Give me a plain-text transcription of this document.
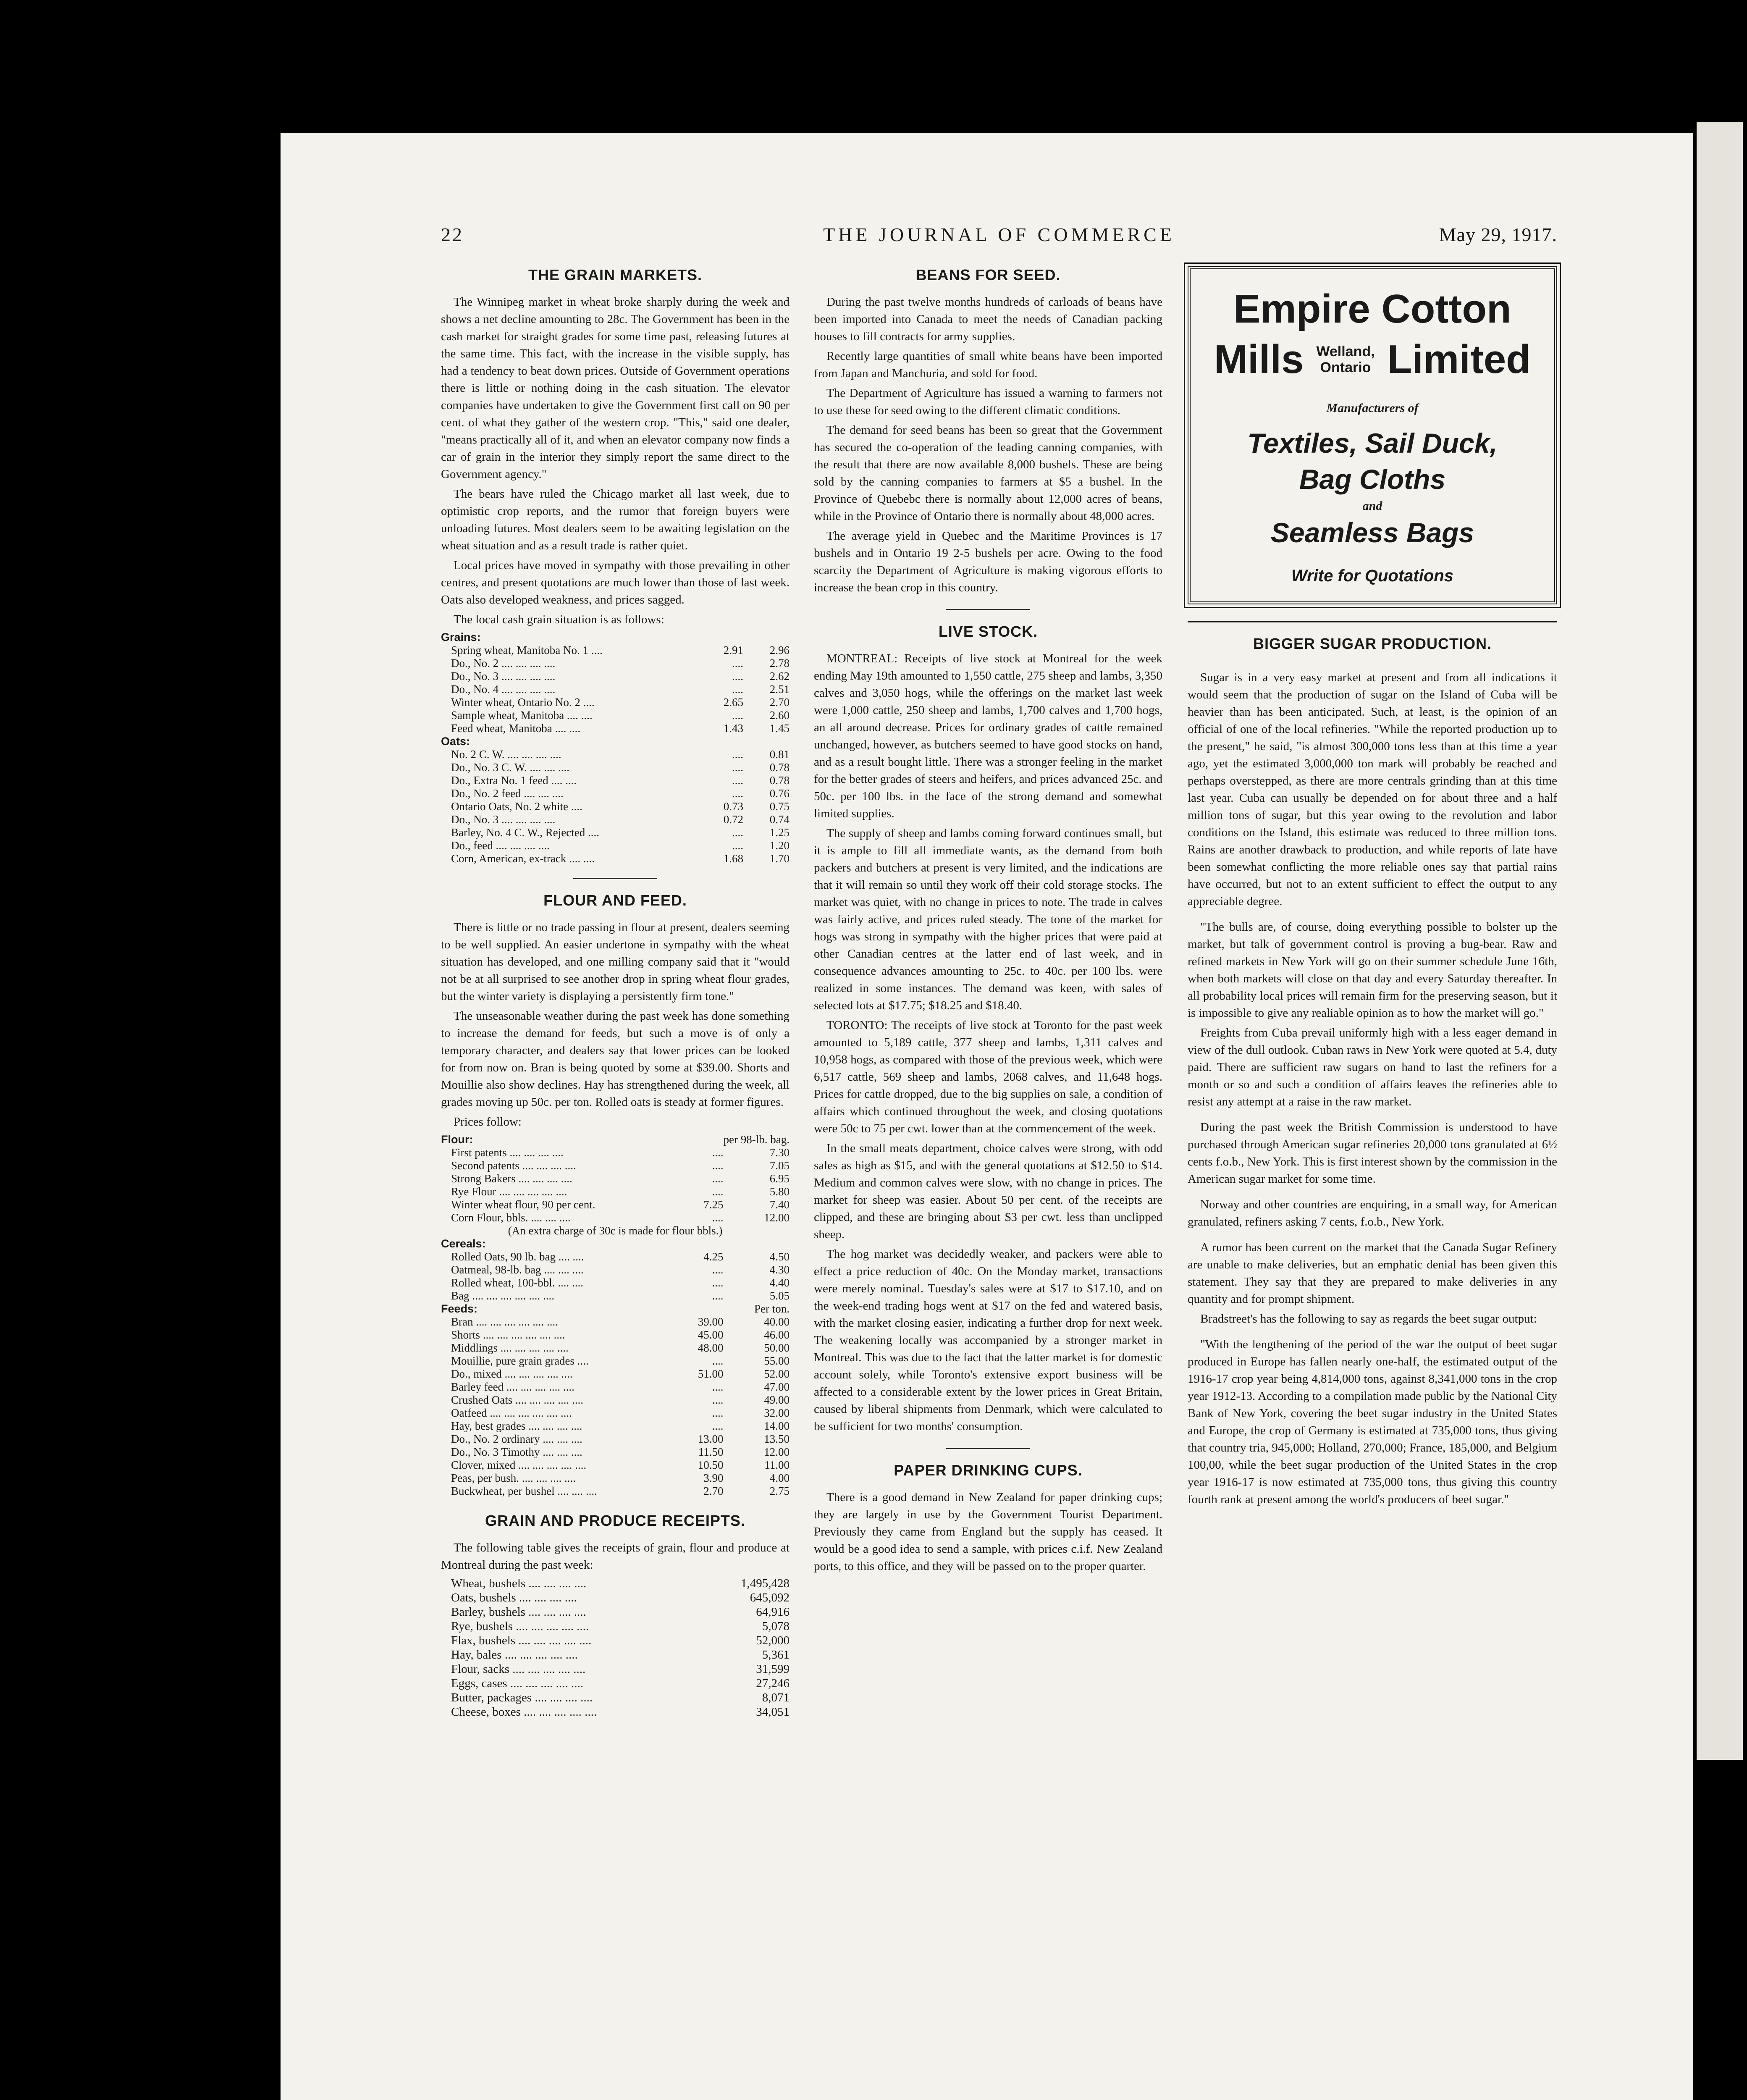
22	THE JOURNAL OF COMMERCE	May 29, 1917.
THE GRAIN MARKETS.

The Winnipeg market in wheat broke sharply during the week and shows a net decline amounting to 28c. The Government has been in the cash market for straight grades for some time past, releasing futures at the same time. This fact, with the increase in the visible supply, has had a tendency to beat down prices. Outside of Government operations there is little or nothing doing in the cash situation. The elevator companies have undertaken to give the Government first call on 90 per cent. of what they gather of the western crop. "This," said one dealer, "means practically all of it, and when an elevator company now finds a car of grain in the interior they simply report the same direct to the Government agency."

The bears have ruled the Chicago market all last week, due to optimistic crop reports, and the rumor that foreign buyers were unloading futures. Most dealers seem to be awaiting legislation on the wheat situation and as a result trade is rather quiet.

Local prices have moved in sympathy with those prevailing in other centres, and present quotations are much lower than those of last week. Oats also developed weakness, and prices sagged.

The local cash grain situation is as follows:

Grains:		
Spring wheat, Manitoba No. 1 ....	2.91	2.96
Do., No. 2 .... .... .... ....	....	2.78
Do., No. 3 .... .... .... ....	....	2.62
Do., No. 4 .... .... .... ....	....	2.51
Winter wheat, Ontario No. 2 ....	2.65	2.70
Sample wheat, Manitoba .... ....	....	2.60
Feed wheat, Manitoba .... ....	1.43	1.45
Oats:		
No. 2 C. W. .... .... .... ....	....	0.81
Do., No. 3 C. W. .... .... ....	....	0.78
Do., Extra No. 1 feed .... ....	....	0.78
Do., No. 2 feed .... .... ....	....	0.76
Ontario Oats, No. 2 white ....	0.73	0.75
Do., No. 3 .... .... .... ....	0.72	0.74
Barley, No. 4 C. W., Rejected ....	....	1.25
Do., feed .... .... .... ....	....	1.20
Corn, American, ex-track .... ....	1.68	1.70
FLOUR AND FEED.

There is little or no trade passing in flour at present, dealers seeming to be well supplied. An easier undertone in sympathy with the wheat situation has developed, and one milling company said that it "would not be at all surprised to see another drop in spring wheat flour grades, but the winter variety is displaying a persistently firm tone."

The unseasonable weather during the past week has done something to increase the demand for feeds, but such a move is of only a temporary character, and dealers say that lower prices can be looked for from now on. Bran is being quoted by some at $39.00. Shorts and Mouillie also show declines. Hay has strengthened during the week, all grades moving up 50c. per ton. Rolled oats is steady at former figures.

Prices follow:

Flour:		per 98-lb. bag.
First patents .... .... .... ....	....	7.30
Second patents .... .... .... ....	....	7.05
Strong Bakers .... .... .... ....	....	6.95
Rye Flour .... .... .... .... ....	....	5.80
Winter wheat flour, 90 per cent.	7.25	7.40
Corn Flour, bbls. .... .... ....	....	12.00
(An extra charge of 30c is made for flour bbls.)		
Cereals:		
Rolled Oats, 90 lb. bag .... ....	4.25	4.50
Oatmeal, 98-lb. bag .... .... ....	....	4.30
Rolled wheat, 100-bbl. .... ....	....	4.40
Bag .... .... .... .... .... ....	....	5.05
Feeds:		Per ton.
Bran .... .... .... .... .... ....	39.00	40.00
Shorts .... .... .... .... .... ....	45.00	46.00
Middlings .... .... .... .... ....	48.00	50.00
Mouillie, pure grain grades ....	....	55.00
Do., mixed .... .... .... .... ....	51.00	52.00
Barley feed .... .... .... .... ....	....	47.00
Crushed Oats .... .... .... .... ....	....	49.00
Oatfeed .... .... .... .... .... ....	....	32.00
Hay, best grades .... .... .... ....	....	14.00
Do., No. 2 ordinary .... .... ....	13.00	13.50
Do., No. 3 Timothy .... .... ....	11.50	12.00
Clover, mixed .... .... .... .... ....	10.50	11.00
Peas, per bush. .... .... .... ....	3.90	4.00
Buckwheat, per bushel .... .... ....	2.70	2.75
GRAIN AND PRODUCE RECEIPTS.

The following table gives the receipts of grain, flour and produce at Montreal during the past week:

Wheat, bushels .... .... .... ....	1,495,428
Oats, bushels .... .... .... ....	645,092
Barley, bushels .... .... .... ....	64,916
Rye, bushels .... .... .... .... ....	5,078
Flax, bushels .... .... .... .... ....	52,000
Hay, bales .... .... .... .... ....	5,361
Flour, sacks .... .... .... .... ....	31,599
Eggs, cases .... .... .... .... ....	27,246
Butter, packages .... .... .... ....	8,071
Cheese, boxes .... .... .... .... ....	34,051
BEANS FOR SEED.

During the past twelve months hundreds of carloads of beans have been imported into Canada to meet the needs of Canadian packing houses to fill contracts for army supplies.

Recently large quantities of small white beans have been imported from Japan and Manchuria, and sold for food.

The Department of Agriculture has issued a warning to farmers not to use these for seed owing to the different climatic conditions.

The demand for seed beans has been so great that the Government has secured the co-operation of the leading canning companies, with the result that there are now available 8,000 bushels. These are being sold by the canning companies to farmers at $5 a bushel. In the Province of Quebebc there is normally about 12,000 acres of beans, while in the Province of Ontario there is normally about 48,000 acres.

The average yield in Quebec and the Maritime Provinces is 17 bushels and in Ontario 19 2-5 bushels per acre. Owing to the food scarcity the Department of Agriculture is making vigorous efforts to increase the bean crop in this country.

LIVE STOCK.

MONTREAL: Receipts of live stock at Montreal for the week ending May 19th amounted to 1,550 cattle, 275 sheep and lambs, 3,350 calves and 3,050 hogs, while the offerings on the market last week were 1,000 cattle, 250 sheep and lambs, 1,700 calves and 1,700 hogs, an all around decrease. Prices for ordinary grades of cattle remained unchanged, however, as butchers seemed to have good stocks on hand, and as a result bought little. There was a stronger feeling in the market for the better grades of steers and heifers, and prices advanced 25c. and 50c. per 100 lbs. in the face of the strong demand and somewhat limited supplies.

The supply of sheep and lambs coming forward continues small, but it is ample to fill all immediate wants, as the demand from both packers and butchers at present is very limited, and the indications are that it will remain so until they work off their cold storage stocks. The market was quiet, with no change in prices to note. The trade in calves was fairly active, and prices ruled steady. The tone of the market for hogs was strong in sympathy with the higher prices that were paid at other Canadian centres at the latter end of last week, and in consequence advances amounting to 25c. to 40c. per 100 lbs. were realized in some instances. The demand was keen, with sales of selected lots at $17.75; $18.25 and $18.40.

TORONTO: The receipts of live stock at Toronto for the past week amounted to 5,189 cattle, 377 sheep and lambs, 1,311 calves and 10,958 hogs, as compared with those of the previous week, which were 6,517 cattle, 569 sheep and lambs, 2068 calves, and 11,648 hogs. Prices for cattle dropped, due to the big supplies on sale, a condition of affairs which continued throughout the week, and closing quotations were 50c to 75 per cwt. lower than at the commencement of the week.

In the small meats department, choice calves were strong, with odd sales as high as $15, and with the general quotations at $12.50 to $14. Medium and common calves were slow, with no change in prices. The market for sheep was easier. About 50 per cent. of the receipts are clipped, and these are bringing about $3 per cwt. less than unclipped sheep.

The hog market was decidedly weaker, and packers were able to effect a price reduction of 40c. On the Monday market, transactions were merely nominal. Tuesday's sales were at $17 to $17.10, and on the week-end trading hogs went at $17 on the fed and watered basis, with the market closing easier, indicating a further drop for next week. The weakening locally was accompanied by a stronger market in Montreal. This was due to the fact that the latter market is for domestic account solely, while Toronto's extensive export business will be affected to a considerable extent by the lower prices in Great Britain, caused by liberal shipments from Denmark, which were calculated to be sufficient for two months' consumption.

PAPER DRINKING CUPS.

There is a good demand in New Zealand for paper drinking cups; they are largely in use by the Government Tourist Department. Previously they came from England but the supply has ceased. It would be a good idea to send a sample, with prices c.i.f. New Zealand ports, to this office, and they will be passed on to the proper quarter.

Empire Cotton
Mills Welland,
Ontario Limited
Manufacturers of
Textiles, Sail Duck,
Bag Cloths
and
Seamless Bags
Write for Quotations
BIGGER SUGAR PRODUCTION.

Sugar is in a very easy market at present and from all indications it would seem that the production of sugar on the Island of Cuba will be heavier than has been anticipated. Such, at least, is the opinion of an official of one of the local refineries. "While the reported production up to the present," he said, "is almost 300,000 tons less than at this time a year ago, yet the estimated 3,000,000 ton mark will probably be reached and perhaps overstepped, as there are more centrals grinding than at this time last year. Cuba can usually be depended on for about three and a half million tons of sugar, but this year owing to the revolution and labor conditions on the Island, this estimate was reduced to three million tons. Rains are another drawback to production, and while reports of late have been somewhat conflicting the more reliable ones say that partial rains have occurred, but not to an extent sufficient to effect the output to any appreciable degree.

"The bulls are, of course, doing everything possible to bolster up the market, but talk of government control is proving a bug-bear. Raw and refined markets in New York will go on their summer schedule June 16th, when both markets will close on that day and every Saturday thereafter. In all probability local prices will remain firm for the preserving season, but it is impossible to give any realiable opinion as to how the market will go."

Freights from Cuba prevail uniformly high with a less eager demand in view of the dull outlook. Cuban raws in New York were quoted at 5.4, duty paid. There are sufficient raw sugars on hand to last the refiners for a month or so and such a condition of affairs leaves the refineries able to resist any attempt at a raise in the raw market.

During the past week the British Commission is understood to have purchased through American sugar refineries 20,000 tons granulated at 6½ cents f.o.b., New York. This is first interest shown by the commission in the American sugar market for some time.

Norway and other countries are enquiring, in a small way, for American granulated, refiners asking 7 cents, f.o.b., New York.

A rumor has been current on the market that the Canada Sugar Refinery are unable to make deliveries, but an emphatic denial has been given this statement. They say that they are prepared to make deliveries in any quantity and for prompt shipment.

Bradstreet's has the following to say as regards the beet sugar output:

"With the lengthening of the period of the war the output of beet sugar produced in Europe has fallen nearly one-half, the estimated output of the 1916-17 crop year being 4,814,000 tons, against 8,341,000 tons in the crop year 1912-13. According to a compilation made public by the National City Bank of New York, covering the beet sugar industry in the United States and Europe, the crop of Germany is estimated at 735,000 tons, thus giving that country tria, 945,000; Holland, 270,000; France, 185,000, and Belgium 100,00, while the beet sugar production of the United States in the crop year 1916-17 is now estimated at 735,000 tons, thus giving this country fourth rank at present among the world's producers of beet sugar."
